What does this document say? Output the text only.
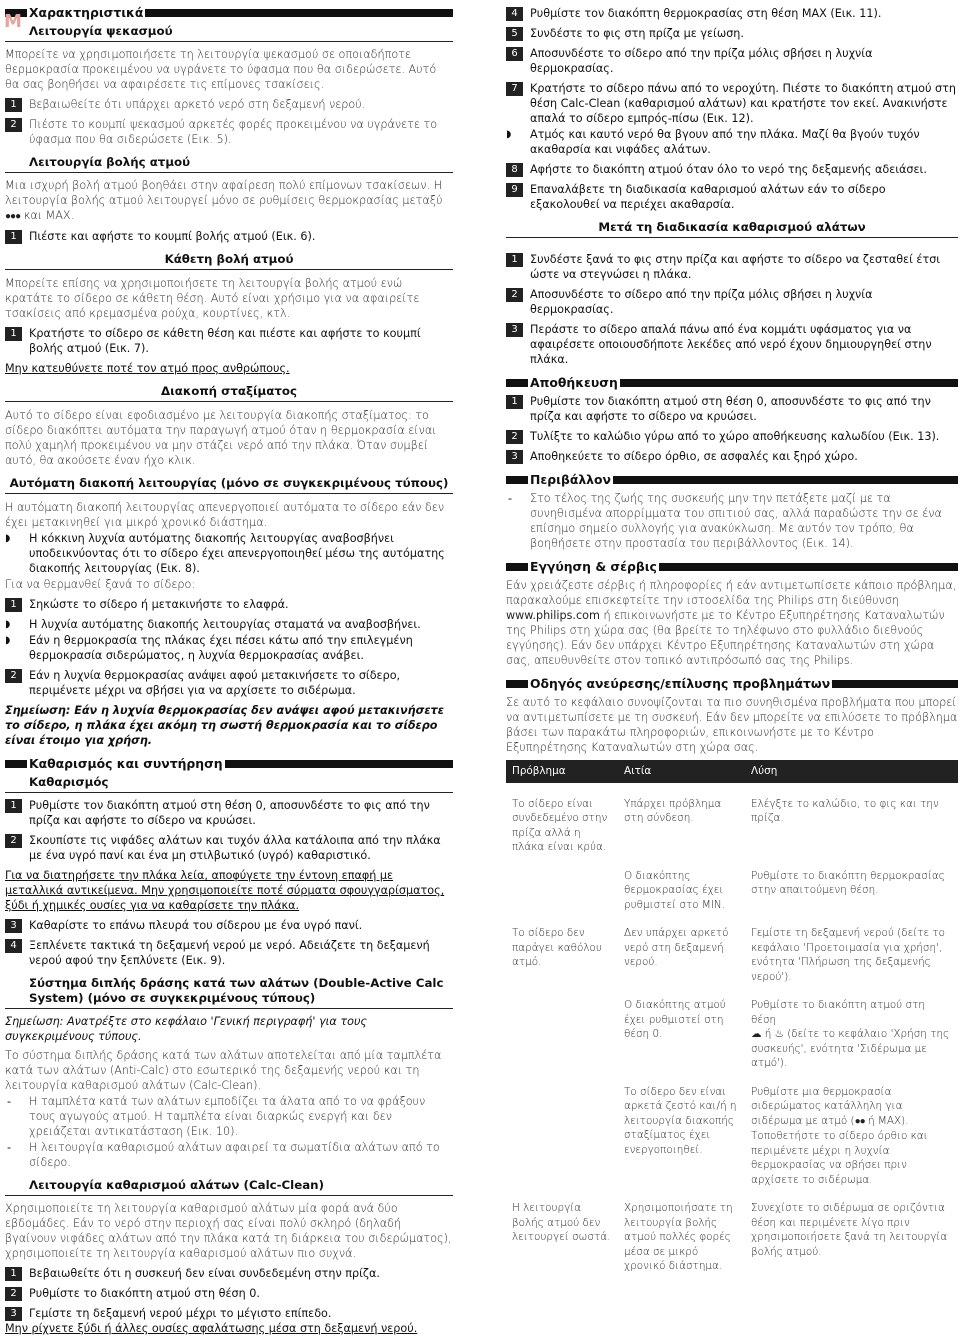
Χαρακτηριστικά
Λειτουργία ψεκασμού

Μπορείτε να χρησιμοποιήσετε τη λειτουργία ψεκασμού σε οποιαδήποτε θερμοκρασία προκειμένου να υγράνετε το ύφασμα που θα σιδερώσετε. Αυτό θα σας βοηθήσει να αφαιρέσετε τις επίμονες τσακίσεις.

1	Βεβαιωθείτε ότι υπάρχει αρκετό νερό στη δεξαμενή νερού.
2	Πιέστε το κουμπί ψεκασμού αρκετές φορές προκειμένου να υγράνετε το ύφασμα που θα σιδερώσετε (Εικ. 5).
Λειτουργία βολής ατμού

Μια ισχυρή βολή ατμού βοηθάει στην αφαίρεση πολύ επίμονων τσακίσεων. Η λειτουργία βολής ατμού λειτουργεί μόνο σε ρυθμίσεις θερμοκρασίας μεταξύ ●●● και MAX.

1	Πιέστε και αφήστε το κουμπί βολής ατμού (Εικ. 6).
Κάθετη βολή ατμού

Μπορείτε επίσης να χρησιμοποιήσετε τη λειτουργία βολής ατμού ενώ κρατάτε το σίδερο σε κάθετη θέση. Αυτό είναι χρήσιμο για να αφαιρείτε τσακίσεις από κρεμασμένα ρούχα, κουρτίνες, κτλ.

1	Κρατήστε το σίδερο σε κάθετη θέση και πιέστε και αφήστε το κουμπί βολής ατμού (Εικ. 7).

Μην κατευθύνετε ποτέ τον ατμό προς ανθρώπους.

Διακοπή σταξίματος

Αυτό το σίδερο είναι εφοδιασμένο με λειτουργία διακοπής σταξίματος: το σίδερο διακόπτει αυτόματα την παραγωγή ατμού όταν η θερμοκρασία είναι πολύ χαμηλή προκειμένου να μην στάζει νερό από την πλάκα. Όταν συμβεί αυτό, θα ακούσετε έναν ήχο κλικ.

Αυτόματη διακοπή λειτουργίας (μόνο σε συγκεκριμένους τύπους)

Η αυτόματη διακοπή λειτουργίας απενεργοποιεί αυτόματα το σίδερο εάν δεν έχει μετακινηθεί για μικρό χρονικό διάστημα.

◗	Η κόκκινη λυχνία αυτόματης διακοπής λειτουργίας αναβοσβήνει υποδεικνύοντας ότι το σίδερο έχει απενεργοποιηθεί μέσω της αυτόματης διακοπής λειτουργίας (Εικ. 8).

Για να θερμανθεί ξανά το σίδερο:

1	Σηκώστε το σίδερο ή μετακινήστε το ελαφρά.
◗	Η λυχνία αυτόματης διακοπής λειτουργίας σταματά να αναβοσβήνει.
◗	Εάν η θερμοκρασία της πλάκας έχει πέσει κάτω από την επιλεγμένη θερμοκρασία σιδερώματος, η λυχνία θερμοκρασίας ανάβει.
2	Εάν η λυχνία θερμοκρασίας ανάψει αφού μετακινήσετε το σίδερο, περιμένετε μέχρι να σβήσει για να αρχίσετε το σιδέρωμα.

Σημείωση: Εάν η λυχνία θερμοκρασίας δεν ανάψει αφού μετακινήσετε το σίδερο, η πλάκα έχει ακόμη τη σωστή θερμοκρασία και το σίδερο είναι έτοιμο για χρήση.

Καθαρισμός και συντήρηση
Καθαρισμός
1	Ρυθμίστε τον διακόπτη ατμού στη θέση 0, αποσυνδέστε το φις από την πρίζα και αφήστε το σίδερο να κρυώσει.
2	Σκουπίστε τις νιφάδες αλάτων και τυχόν άλλα κατάλοιπα από την πλάκα με ένα υγρό πανί και ένα μη στιλβωτικό (υγρό) καθαριστικό.

Για να διατηρήσετε την πλάκα λεία, αποφύγετε την έντονη επαφή με μεταλλικά αντικείμενα. Μην χρησιμοποιείτε ποτέ σύρματα σφουγγαρίσματος, ξύδι ή χημικές ουσίες για να καθαρίσετε την πλάκα.

3	Καθαρίστε το επάνω πλευρά του σίδερου με ένα υγρό πανί.
4	Ξεπλένετε τακτικά τη δεξαμενή νερού με νερό. Αδειάζετε τη δεξαμενή νερού αφού την ξεπλύνετε (Εικ. 9).
Σύστημα διπλής δράσης κατά των αλάτων (Double-Active Calc System) (μόνο σε συγκεκριμένους τύπους)

Σημείωση: Ανατρέξτε στο κεφάλαιο 'Γενική περιγραφή' για τους συγκεκριμένους τύπους.

Το σύστημα διπλής δράσης κατά των αλάτων αποτελείται από μία ταμπλέτα κατά των αλάτων (Anti-Calc) στο εσωτερικό της δεξαμενής νερού και τη λειτουργία καθαρισμού αλάτων (Calc-Clean).

-	Η ταμπλέτα κατά των αλάτων εμποδίζει τα άλατα από το να φράξουν τους αγωγούς ατμού. Η ταμπλέτα είναι διαρκώς ενεργή και δεν χρειάζεται αντικατάσταση (Εικ. 10).
-	Η λειτουργία καθαρισμού αλάτων αφαιρεί τα σωματίδια αλάτων από το σίδερο.
Λειτουργία καθαρισμού αλάτων (Calc-Clean)

Χρησιμοποιείτε τη λειτουργία καθαρισμού αλάτων μία φορά ανά δύο εβδομάδες. Εάν το νερό στην περιοχή σας είναι πολύ σκληρό (δηλαδή βγαίνουν νιφάδες αλάτων από την πλάκα κατά τη διάρκεια του σιδερώματος), χρησιμοποιείτε τη λειτουργία καθαρισμού αλάτων πιο συχνά.

1	Βεβαιωθείτε ότι η συσκευή δεν είναι συνδεδεμένη στην πρίζα.
2	Ρυθμίστε το διακόπτη ατμού στη θέση 0.
3	Γεμίστε τη δεξαμενή νερού μέχρι το μέγιστο επίπεδο.

Μην ρίχνετε ξύδι ή άλλες ουσίες αφαλάτωσης μέσα στη δεξαμενή νερού.

M	4	Ρυθμίστε τον διακόπτη θερμοκρασίας στη θέση MAX (Εικ. 11).
5	Συνδέστε το φις στη πρίζα με γείωση.
6	Αποσυνδέστε το σίδερο από την πρίζα μόλις σβήσει η λυχνία θερμοκρασίας.
7	Κρατήστε το σίδερο πάνω από το νεροχύτη. Πιέστε το διακόπτη ατμού στη θέση Calc-Clean (καθαρισμού αλάτων) και κρατήστε τον εκεί. Ανακινήστε απαλά το σίδερο εμπρός-πίσω (Εικ. 12).
◗	Ατμός και καυτό νερό θα βγουν από την πλάκα. Μαζί θα βγούν τυχόν ακαθαρσία και νιφάδες αλάτων.
8	Αφήστε το διακόπτη ατμού όταν όλο το νερό της δεξαμενής αδειάσει.
9	Επαναλάβετε τη διαδικασία καθαρισμού αλάτων εάν το σίδερο εξακολουθεί να περιέχει ακαθαρσία.
Μετά τη διαδικασία καθαρισμού αλάτων
1	Συνδέστε ξανά το φις στην πρίζα και αφήστε το σίδερο να ζεσταθεί έτσι ώστε να στεγνώσει η πλάκα.
2	Αποσυνδέστε το σίδερο από την πρίζα μόλις σβήσει η λυχνία θερμοκρασίας.
3	Περάστε το σίδερο απαλά πάνω από ένα κομμάτι υφάσματος για να αφαιρέσετε οποιουσδήποτε λεκέδες από νερό έχουν δημιουργηθεί στην πλάκα.
Αποθήκευση
1	Ρυθμίστε τον διακόπτη ατμού στη θέση 0, αποσυνδέστε το φις από την πρίζα και αφήστε το σίδερο να κρυώσει.
2	Τυλίξτε το καλώδιο γύρω από το χώρο αποθήκευσης καλωδίου (Εικ. 13).
3	Αποθηκεύετε το σίδερο όρθιο, σε ασφαλές και ξηρό χώρο.
Περιβάλλον
-	Στο τέλος της ζωής της συσκευής μην την πετάξετε μαζί με τα συνηθισμένα απορρίμματα του σπιτιού σας, αλλά παραδώστε την σε ένα επίσημο σημείο συλλογής για ανακύκλωση. Με αυτόν τον τρόπο, θα βοηθήσετε στην προστασία του περιβάλλοντος (Εικ. 14).
Εγγύηση & σέρβις

Εάν χρειάζεστε σέρβις ή πληροφορίες ή εάν αντιμετωπίσετε κάποιο πρόβλημα, παρακαλούμε επισκεφτείτε την ιστοσελίδα της Philips στη διεύθυνση www.philips.com ή επικοινωνήστε με το Κέντρο Εξυπηρέτησης Καταναλωτών της Philips στη χώρα σας (θα βρείτε το τηλέφωνο στο φυλλάδιο διεθνούς εγγύησης). Εάν δεν υπάρχει Κέντρο Εξυπηρέτησης Καταναλωτών στη χώρα σας, απευθυνθείτε στον τοπικό αντιπρόσωπό σας της Philips.

Οδηγός ανεύρεσης/επίλυσης προβλημάτων

Σε αυτό το κεφάλαιο συνοψίζονται τα πιο συνηθισμένα προβλήματα που μπορεί να αντιμετωπίσετε με τη συσκευή. Εάν δεν μπορείτε να επιλύσετε το πρόβλημα βάσει των παρακάτω πληροφοριών, επικοινωνήστε με το Κέντρο Εξυπηρέτησης Καταναλωτών στη χώρα σας.

Πρόβλημα	Αιτία	Λύση
Το σίδερο είναι συνδεδεμένο στην πρίζα αλλά η πλάκα είναι κρύα.	Υπάρχει πρόβλημα στη σύνδεση.	Ελέγξτε το καλώδιο, το φις και την πρίζα.
	Ο διακόπτης θερμοκρασίας έχει ρυθμιστεί στο MIN.	Ρυθμίστε το διακόπτη θερμοκρασίας στην απαιτούμενη θέση.
Το σίδερο δεν παράγει καθόλου ατμό.	Δεν υπάρχει αρκετό νερό στη δεξαμενή νερού.	Γεμίστε τη δεξαμενή νερού (δείτε το κεφάλαιο 'Προετοιμασία για χρήση', ενότητα 'Πλήρωση της δεξαμενής νερού').
	Ο διακόπτης ατμού έχει ρυθμιστεί στη θέση 0.	Ρυθμίστε το διακόπτη ατμού στη θέση
☁ ή ♨ (δείτε το κεφάλαιο 'Χρήση της συσκευής', ενότητα 'Σιδέρωμα με ατμό').
	Το σίδερο δεν είναι αρκετά ζεστό και/ή η λειτουργία διακοπής σταξίματος έχει ενεργοποιηθεί.	Ρυθμίστε μια θερμοκρασία σιδερώματος κατάλληλη για σιδέρωμα με ατμό (●● ή MAX). Τοποθετήστε το σίδερο όρθιο και περιμένετε μέχρι η λυχνία θερμοκρασίας να σβήσει πριν αρχίσετε το σιδέρωμα.
Η λειτουργία βολής ατμού δεν λειτουργεί σωστά.	Χρησιμοποιήσατε τη λειτουργία βολής ατμού πολλές φορές μέσα σε μικρό χρονικό διάστημα.	Συνεχίστε το σιδέρωμα σε οριζόντια θέση και περιμένετε λίγο πριν χρησιμοποιήσετε ξανά τη λειτουργία βολής ατμού.
